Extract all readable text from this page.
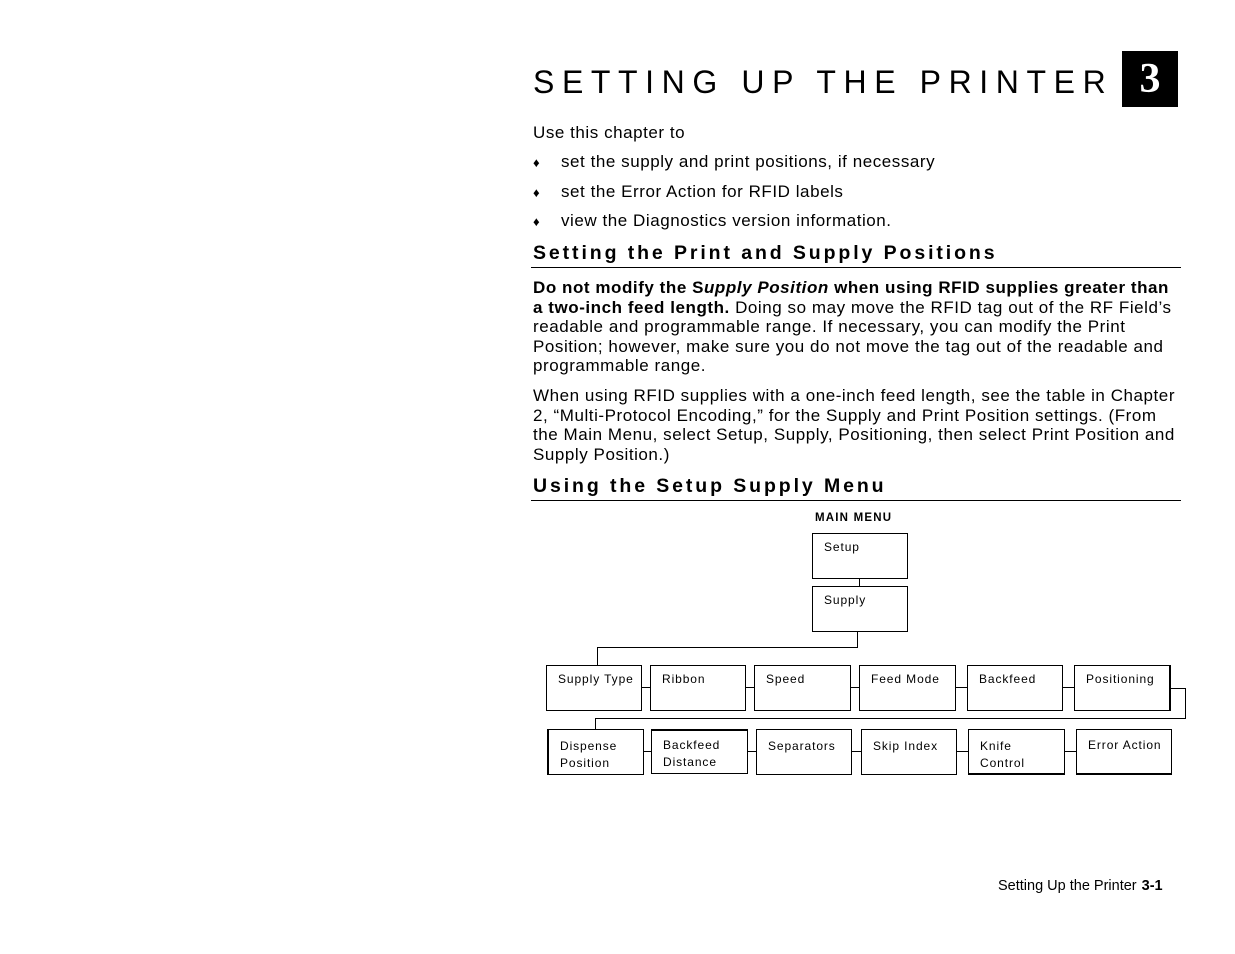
SETTING UP THE PRINTER 3
Use this chapter to
♦ set the supply and print positions, if necessary
♦ set the Error Action for RFID labels
♦ view the Diagnostics version information.
Setting the Print and Supply Positions
Do not modify the Supply Position when using RFID supplies greater than a two-inch feed length. Doing so may move the RFID tag out of the RF Field’s readable and programmable range. If necessary, you can modify the Print Position; however, make sure you do not move the tag out of the readable and programmable range.
When using RFID supplies with a one-inch feed length, see the table in Chapter 2, “Multi-Protocol Encoding,” for the Supply and Print Position settings. (From the Main Menu, select Setup, Supply, Positioning, then select Print Position and Supply Position.)
Using the Setup Supply Menu
MAIN MENU
Setup
Supply
Supply Type	Ribbon	Speed	Feed Mode	Backfeed	Positioning
Dispense
Position
Backfeed
Distance
Separators	Skip Index	Knife
Control
Error Action
Setting Up the Printer 3-1
